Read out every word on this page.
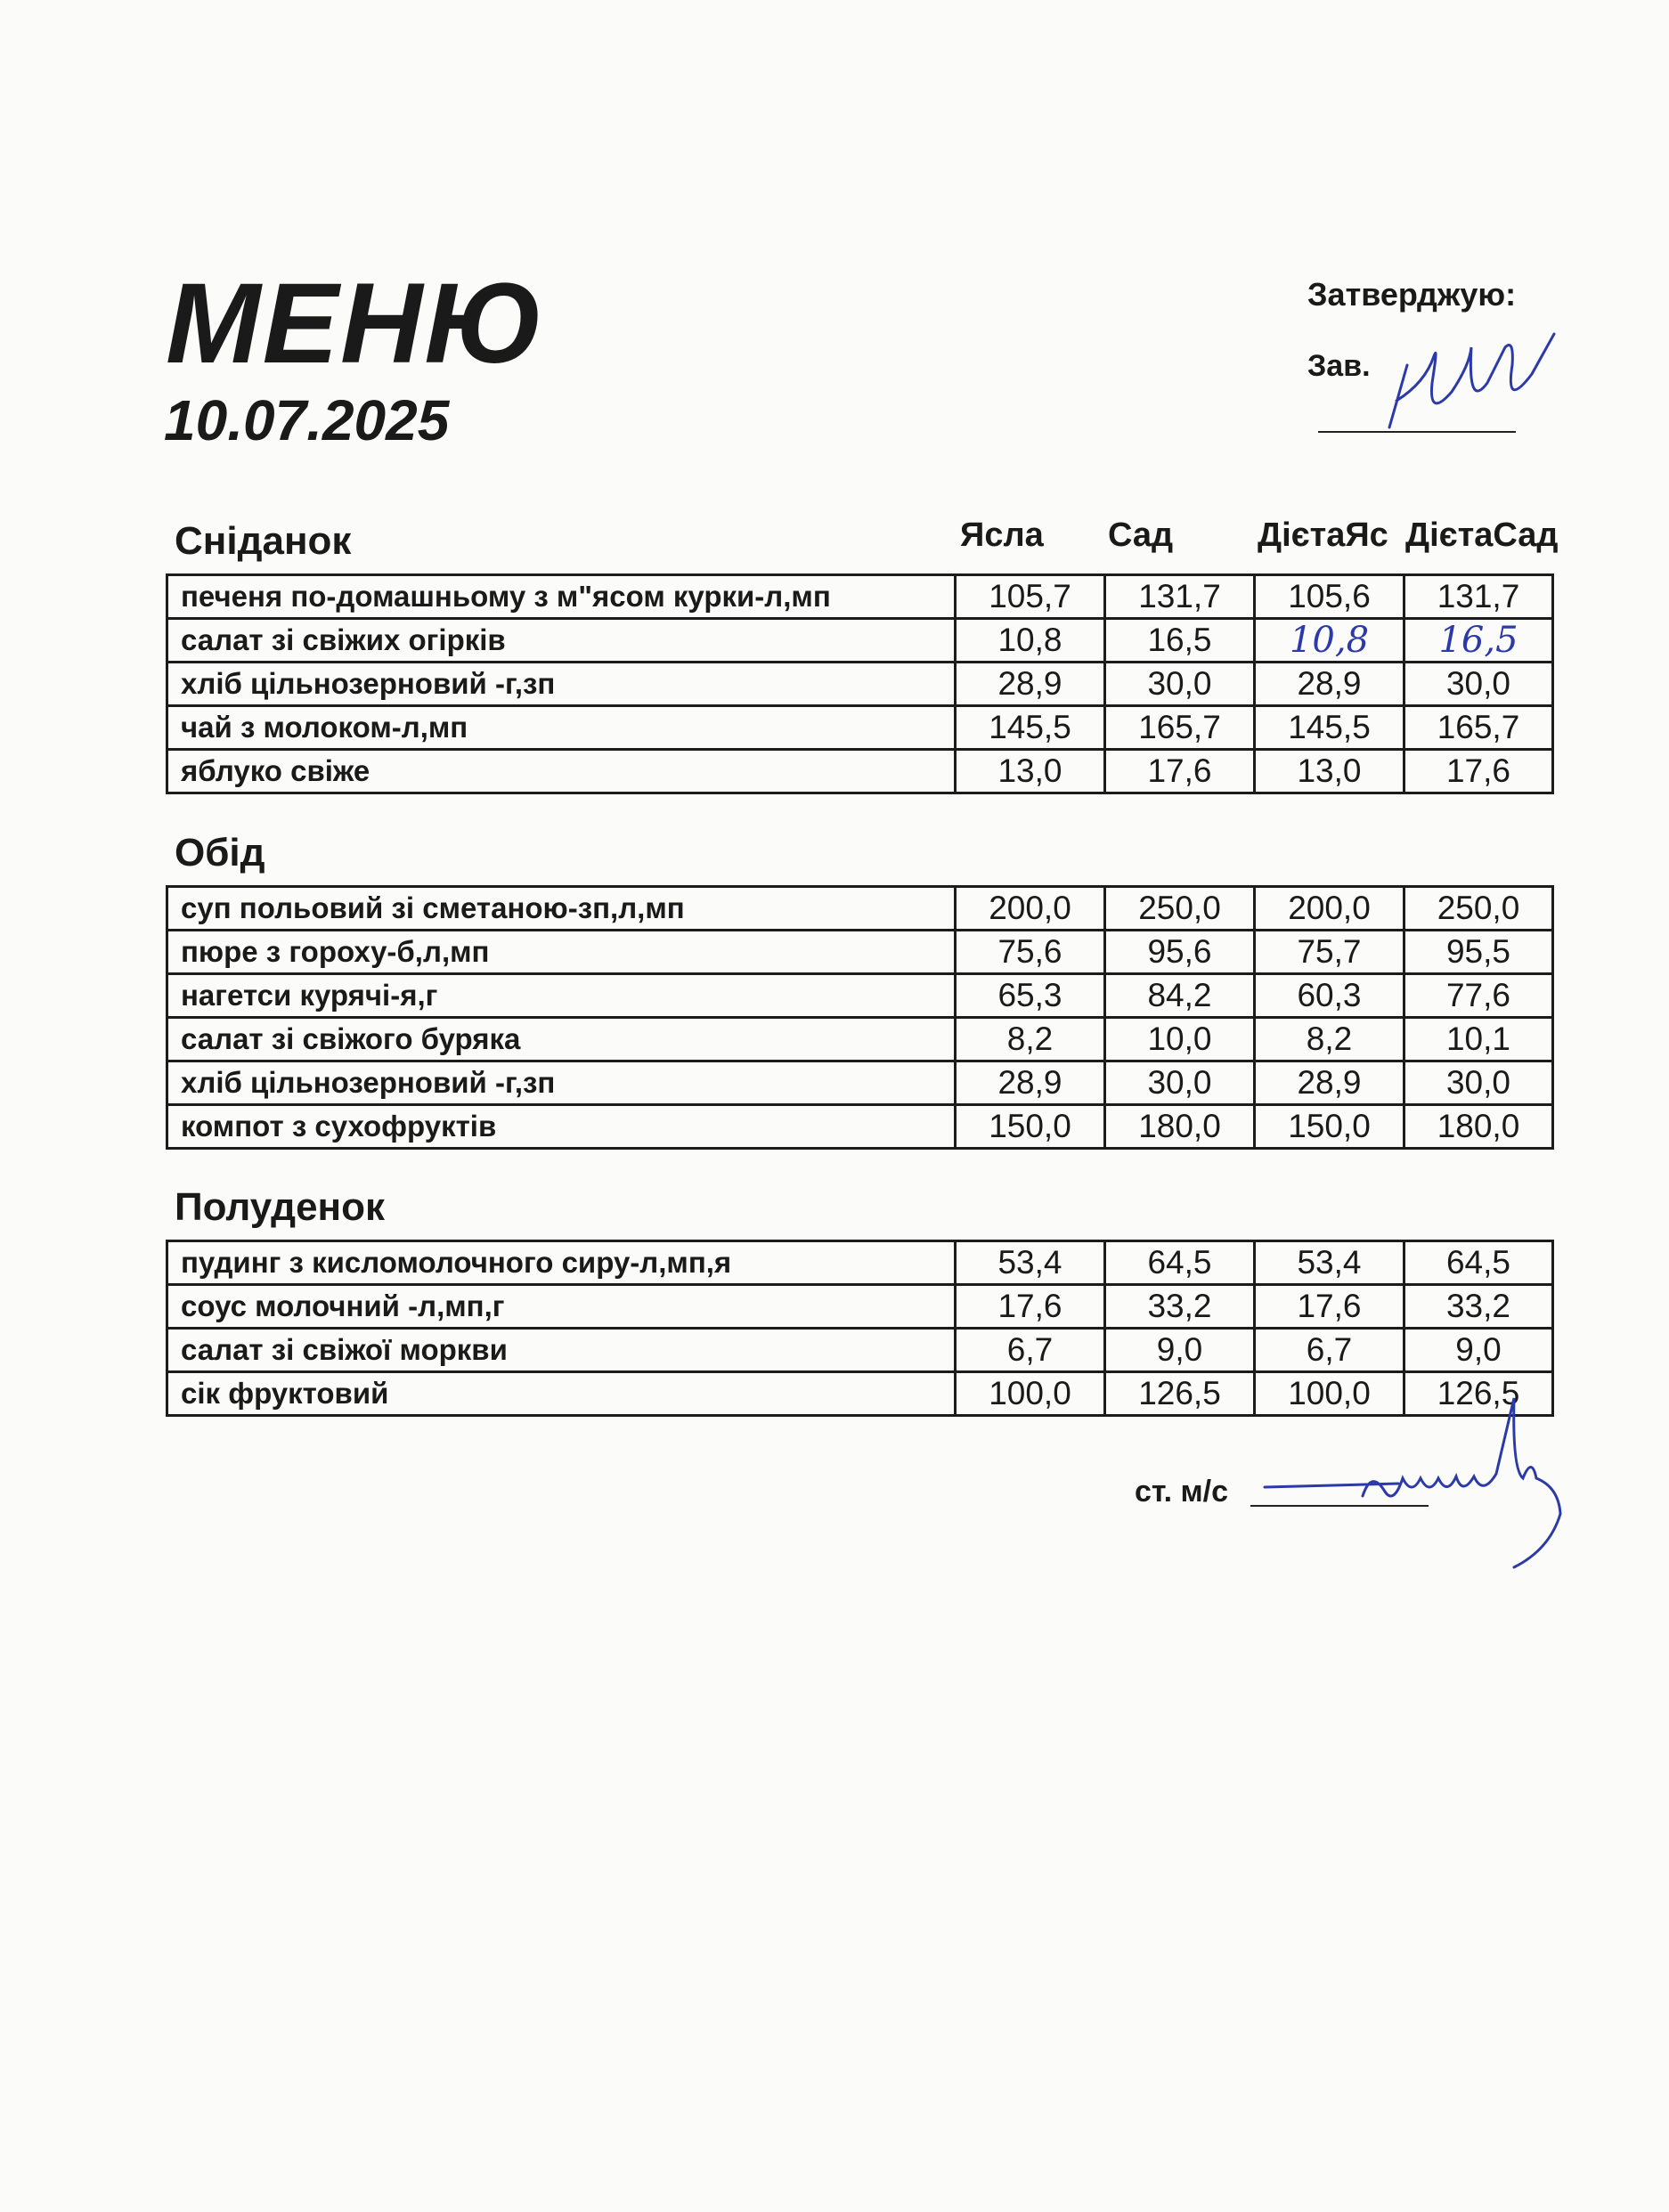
МЕНЮ
10.07.2025
Затверджую:
Зав.
Ясла Сад ДієтаЯс ДієтаСад
Сніданок
печеня по-домашньому з м"ясом курки-л,мп	105,7	131,7	105,6	131,7
салат зі свіжих огірків	10,8	16,5	10,8	16,5
хліб цільнозерновий -г,зп	28,9	30,0	28,9	30,0
чай з молоком-л,мп	145,5	165,7	145,5	165,7
яблуко свіже	13,0	17,6	13,0	17,6
Обід
суп польовий зі сметаною-зп,л,мп	200,0	250,0	200,0	250,0
пюре з гороху-б,л,мп	75,6	95,6	75,7	95,5
нагетси курячі-я,г	65,3	84,2	60,3	77,6
салат зі свіжого буряка	8,2	10,0	8,2	10,1
хліб цільнозерновий -г,зп	28,9	30,0	28,9	30,0
компот з сухофруктів	150,0	180,0	150,0	180,0
Полуденок
пудинг з кисломолочного сиру-л,мп,я	53,4	64,5	53,4	64,5
соус молочний -л,мп,г	17,6	33,2	17,6	33,2
салат зі свіжої моркви	6,7	9,0	6,7	9,0
сік фруктовий	100,0	126,5	100,0	126,5
ст. м/с
